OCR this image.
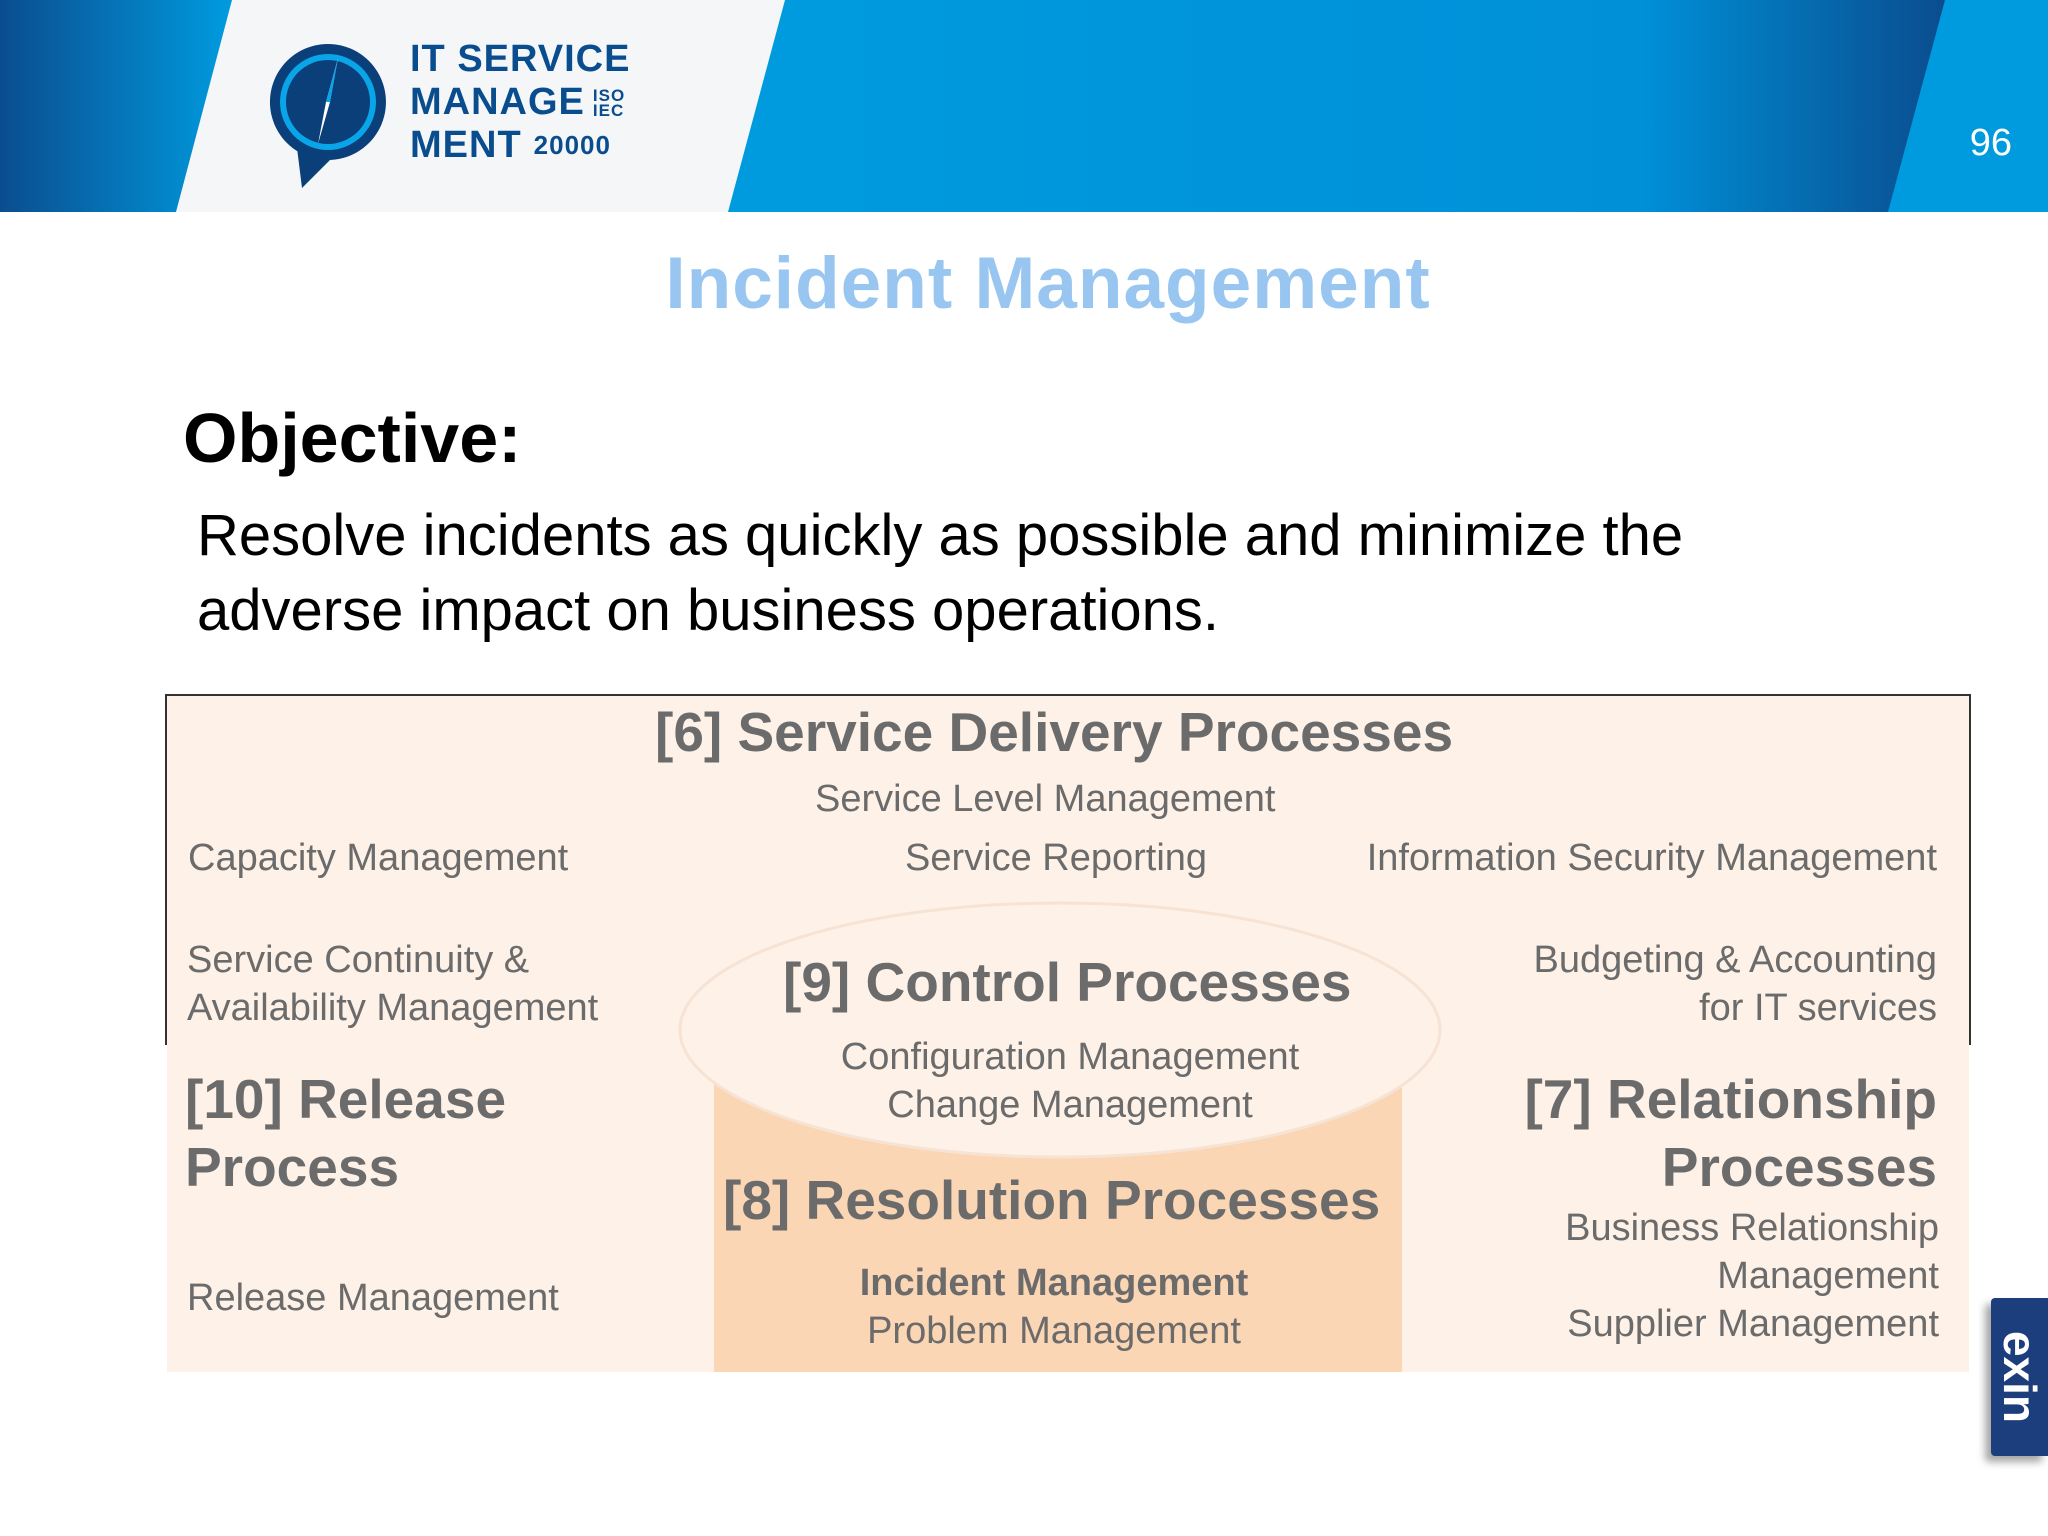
IT SERVICE
MANAGE ISO
IEC
MENT 20000	96
Incident Management
Objective:
Resolve incidents as quickly as possible and minimize the
adverse impact on business operations.
[6] Service Delivery Processes
Service Level Management
Service Reporting
Capacity Management	Information Security Management
Service Continuity &
Availability Management
Budgeting & Accounting
for IT services
[9] Control Processes
Configuration Management
Change Management
[10] Release
Process
Release Management
[8] Resolution Processes
Incident Management
Problem Management
[7] Relationship
Processes
Business Relationship
Management
Supplier Management
exin
